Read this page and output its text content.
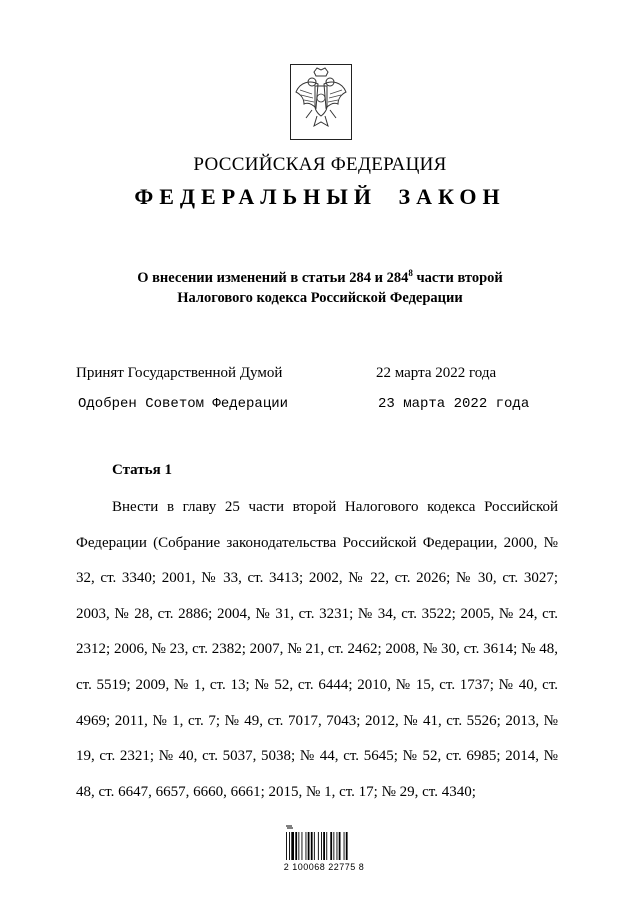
РОССИЙСКАЯ ФЕДЕРАЦИЯ
ФЕДЕРАЛЬНЫЙ ЗАКОН
О внесении изменений в статьи 284 и $284^8$ части второй
Налогового кодекса Российской Федерации
Принят Государственной Думой	22 марта 2022 года
Одобрен Советом Федерации	23 марта 2022 года
Статья 1
Внести в главу 25 части второй Налогового кодекса Российской Федерации (Собрание законодательства Российской Федерации, 2000, № 32, ст. 3340; 2001, № 33, ст. 3413; 2002, № 22, ст. 2026; № 30, ст. 3027; 2003, № 28, ст. 2886; 2004, № 31, ст. 3231; № 34, ст. 3522; 2005, № 24, ст. 2312; 2006, № 23, ст. 2382; 2007, № 21, ст. 2462; 2008, № 30, ст. 3614; № 48, ст. 5519; 2009, № 1, ст. 13; № 52, ст. 6444; 2010, № 15, ст. 1737; № 40, ст. 4969; 2011, № 1, ст. 7; № 49, ст. 7017, 7043; 2012, № 41, ст. 5526; 2013, № 19, ст. 2321; № 40, ст. 5037, 5038; № 44, ст. 5645; № 52, ст. 6985; 2014, № 48, ст. 6647, 6657, 6660, 6661; 2015, № 1, ст. 17; № 29, ст. 4340;
2 100068 22775 8
